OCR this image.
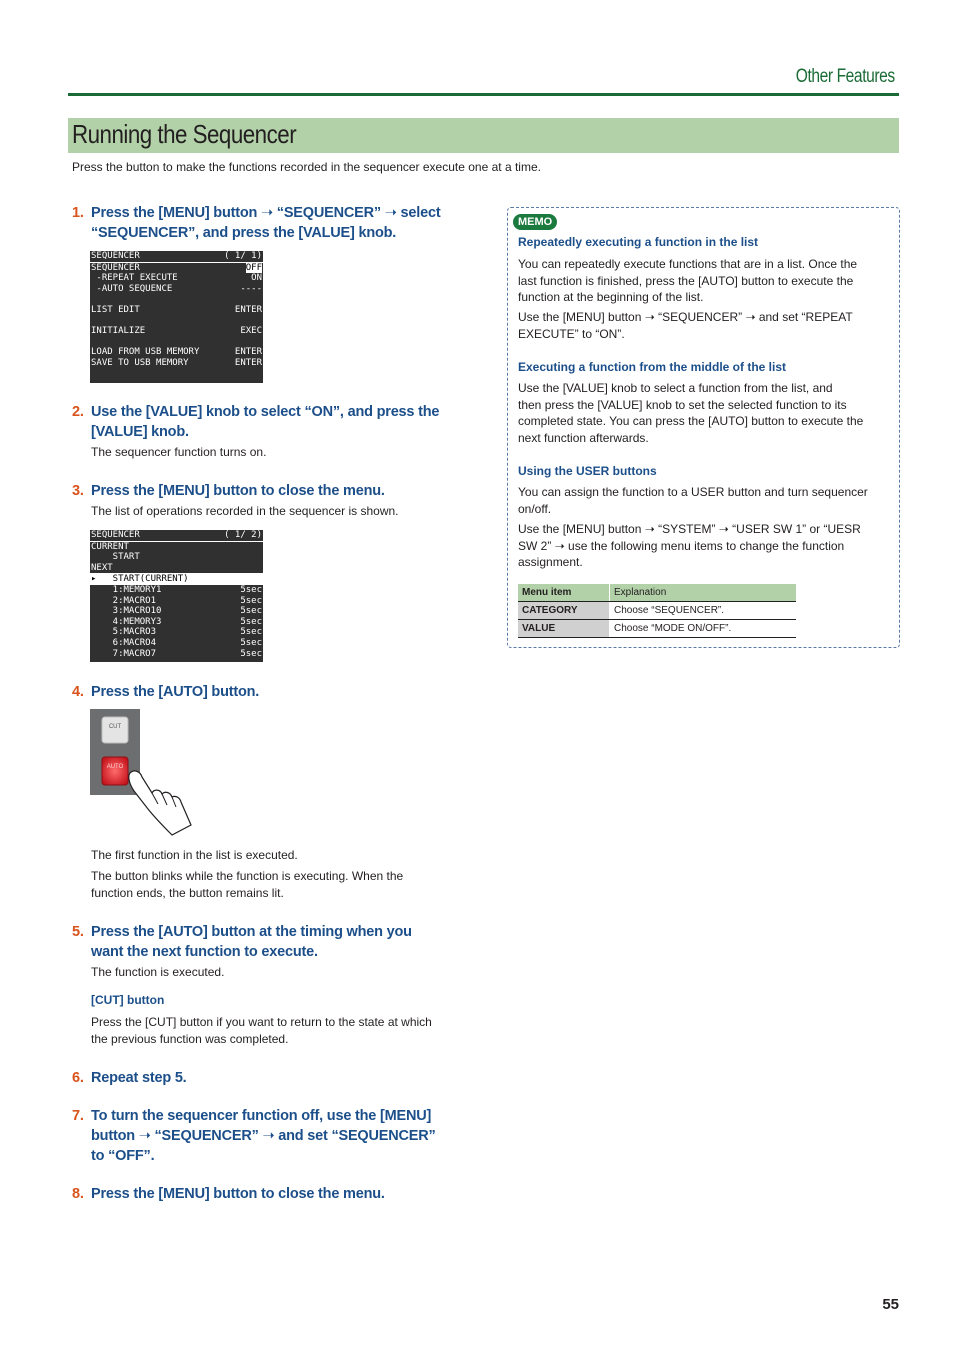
Other Features
Running the Sequencer
Press the button to make the functions recorded in the sequencer execute one at a time.
1. Press the [MENU] button ➝ “SEQUENCER” ➝ select
“SEQUENCER”, and press the [VALUE] knob.
SEQUENCER	( 1/ 1)
SEQUENCER	OFF
-REPEAT EXECUTE	ON
-AUTO SEQUENCE	----
LIST EDIT	ENTER
INITIALIZE	EXEC
LOAD FROM USB MEMORY	ENTER
SAVE TO USB MEMORY	ENTER
2. Use the [VALUE] knob to select “ON”, and press the
[VALUE] knob.
The sequencer function turns on.
3. Press the [MENU] button to close the menu.
The list of operations recorded in the sequencer is shown.
SEQUENCER	( 1/ 2)
CURRENT
START
NEXT
▸   START(CURRENT)
1:MEMORY1	5sec
2:MACRO1	5sec
3:MACRO10	5sec
4:MEMORY3	5sec
5:MACRO3	5sec
6:MACRO4	5sec
7:MACRO7	5sec
4. Press the [AUTO] button.
CUT
AUTO
The first function in the list is executed.
The button blinks while the function is executing. When the
function ends, the button remains lit.
5. Press the [AUTO] button at the timing when you
want the next function to execute.
The function is executed.
[CUT] button
Press the [CUT] button if you want to return to the state at which
the previous function was completed.
6. Repeat step 5.
7. To turn the sequencer function off, use the [MENU]
button ➝ “SEQUENCER” ➝ and set “SEQUENCER”
to “OFF”.
8. Press the [MENU] button to close the menu.
MEMO
Repeatedly executing a function in the list
You can repeatedly execute functions that are in a list. Once the
last function is finished, press the [AUTO] button to execute the
function at the beginning of the list.
Use the [MENU] button ➝ “SEQUENCER” ➝ and set “REPEAT
EXECUTE” to “ON”.
Executing a function from the middle of the list
Use the [VALUE] knob to select a function from the list, and
then press the [VALUE] knob to set the selected function to its
completed state. You can press the [AUTO] button to execute the
next function afterwards.
Using the USER buttons
You can assign the function to a USER button and turn sequencer
on/off.
Use the [MENU] button ➝ “SYSTEM” ➝ “USER SW 1” or “UESR
SW 2” ➝ use the following menu items to change the function
assignment.
Menu item	Explanation
CATEGORY	Choose “SEQUENCER”.
VALUE	Choose “MODE ON/OFF”.
55
